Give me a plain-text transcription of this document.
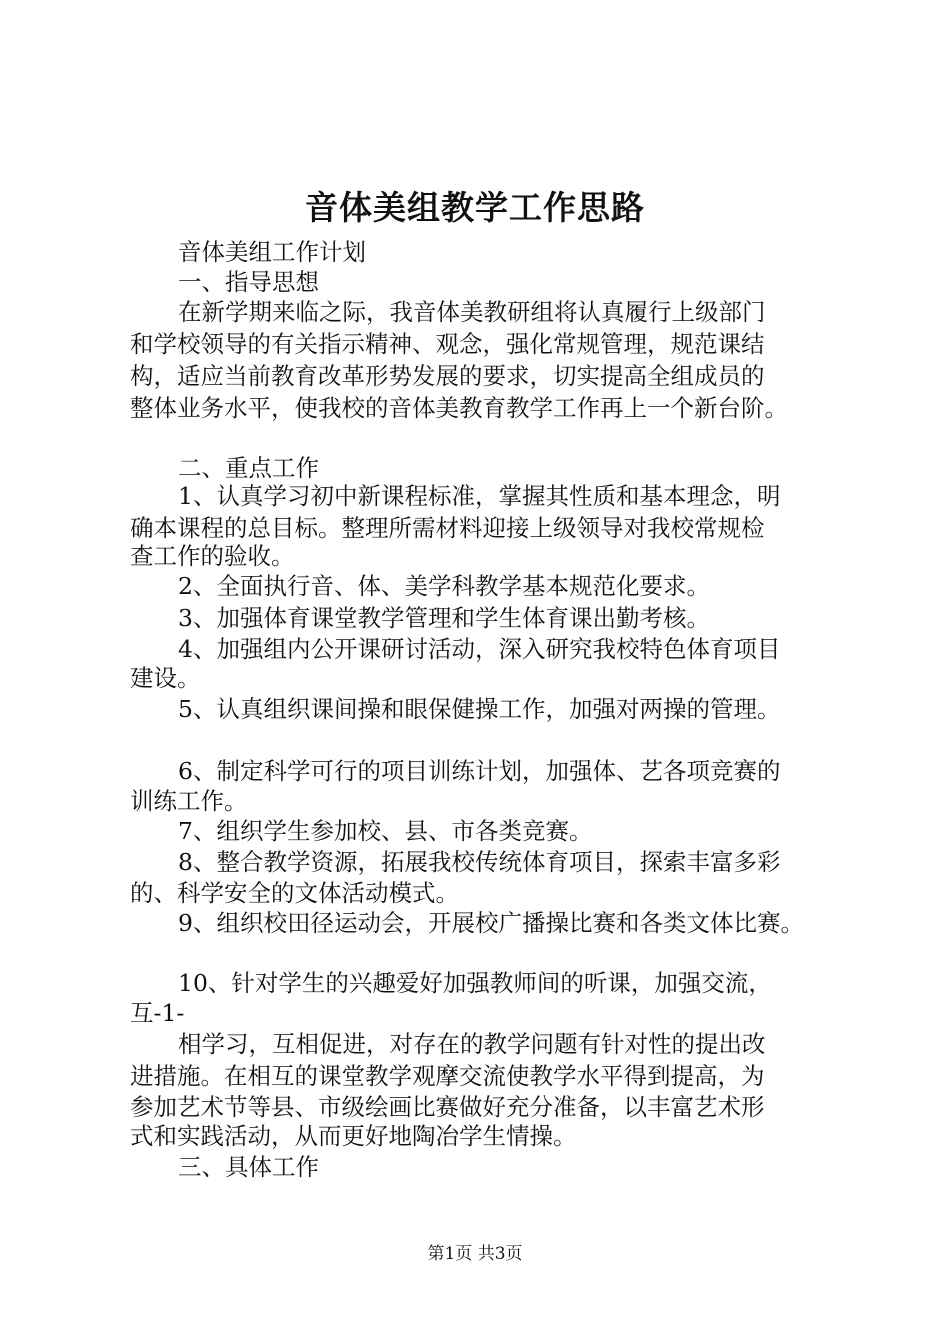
音体美组教学工作思路
音体美组工作计划
一、指导思想
在新学期来临之际，我音体美教研组将认真履行上级部门
和学校领导的有关指示精神、观念，强化常规管理，规范课结
构，适应当前教育改革形势发展的要求，切实提高全组成员的
整体业务水平，使我校的音体美教育教学工作再上一个新台阶。
二、重点工作
1、认真学习初中新课程标准，掌握其性质和基本理念，明
确本课程的总目标。整理所需材料迎接上级领导对我校常规检
查工作的验收。
2、全面执行音、体、美学科教学基本规范化要求。
3、加强体育课堂教学管理和学生体育课出勤考核。
4、加强组内公开课研讨活动，深入研究我校特色体育项目
建设。
5、认真组织课间操和眼保健操工作，加强对两操的管理。
6、制定科学可行的项目训练计划，加强体、艺各项竞赛的
训练工作。
7、组织学生参加校、县、市各类竞赛。
8、整合教学资源，拓展我校传统体育项目，探索丰富多彩
的、科学安全的文体活动模式。
9、组织校田径运动会，开展校广播操比赛和各类文体比赛。
10、针对学生的兴趣爱好加强教师间的听课，加强交流，
互-1-
相学习，互相促进，对存在的教学问题有针对性的提出改
进措施。在相互的课堂教学观摩交流使教学水平得到提高，为
参加艺术节等县、市级绘画比赛做好充分准备，以丰富艺术形
式和实践活动，从而更好地陶冶学生情操。
三、具体工作
第1页 共3页
